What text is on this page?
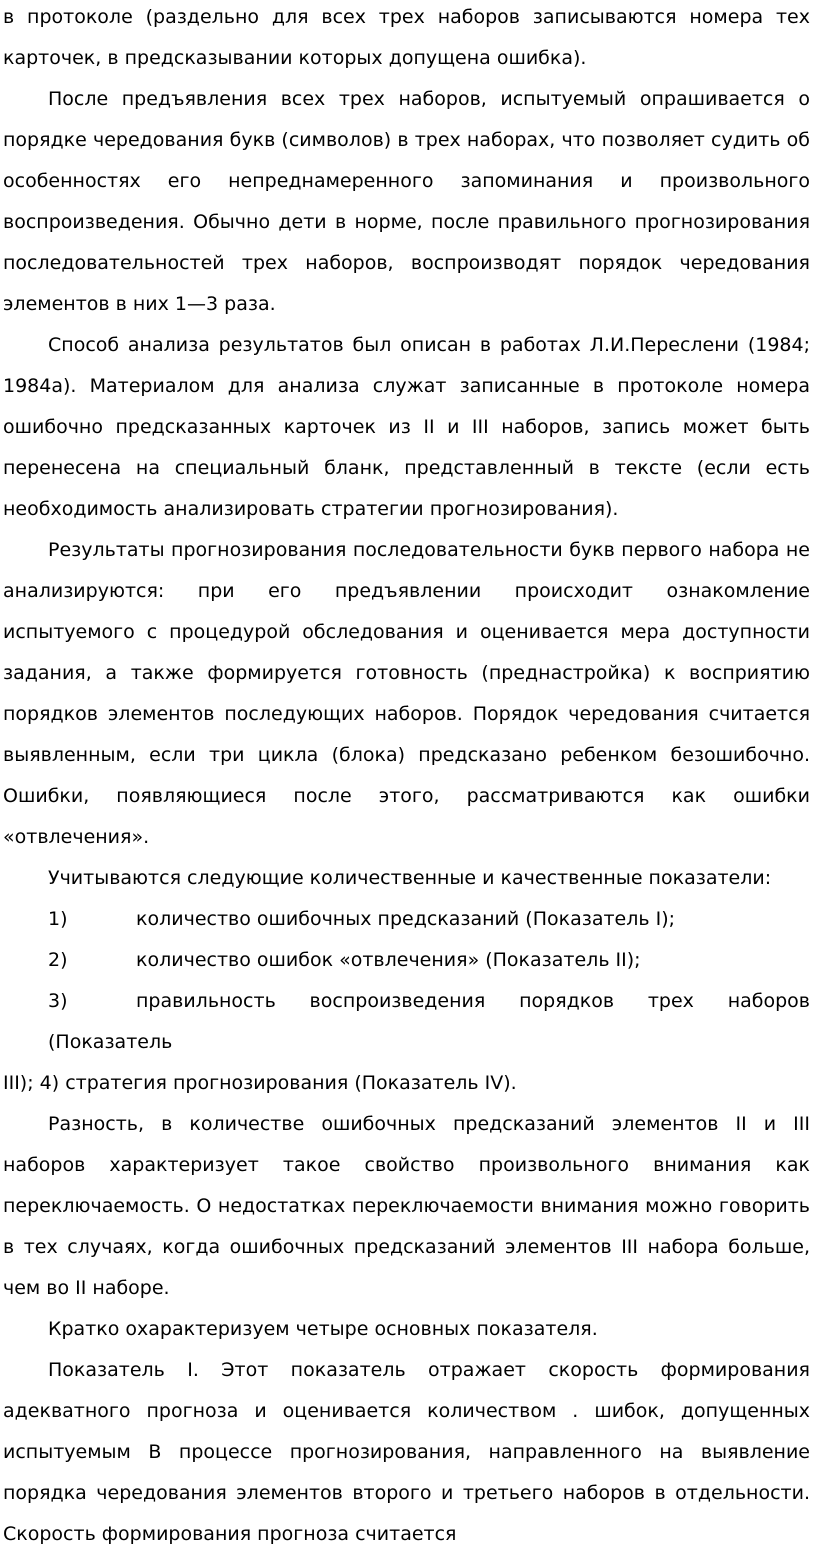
в протоколе (раздельно для всех трех наборов записываются номера тех карточек, в предсказывании которых допущена ошибка).

После предъявления всех трех наборов, испытуемый опрашивается о порядке чередования букв (символов) в трех наборах, что позволяет судить об особенностях его непреднамеренного запоминания и произвольного воспроизведения. Обычно дети в норме, после правильного прогнозирования последовательностей трех наборов, воспроизводят порядок чередования элементов в них 1—3 раза.

Способ анализа результатов был описан в работах Л.И.Переслени (1984; 1984а). Материалом для анализа служат записанные в протоколе номера ошибочно предсказанных карточек из II и III наборов, запись может быть перенесена на специальный бланк, представленный в тексте (если есть необходимость анализировать стратегии прогнозирования).

Результаты прогнозирования последовательности букв первого набора не анализируются: при его предъявлении происходит ознакомление испытуемого с процедурой обследования и оценивается мера доступности задания, а также формируется готовность (преднастройка) к восприятию порядков элементов последующих наборов. Порядок чередования считается выявленным, если три цикла (блока) предсказано ребенком безошибочно. Ошибки, появляющиеся после этого, рассматриваются как ошибки «отвлечения».

Учитываются следующие количественные и качественные показатели:

1)	количество ошибочных предсказаний (Показатель I);
2)	количество ошибок «отвлечения» (Показатель II);
3)	правильность воспроизведения порядков трех наборов (Показатель
III); 4) стратегия прогнозирования (Показатель IV).

Разность, в количестве ошибочных предсказаний элементов II и III наборов характеризует такое свойство произвольного внимания как переключаемость. О недостатках переключаемости внимания можно говорить в тех случаях, когда ошибочных предсказаний элементов III набора больше, чем во II наборе.

Кратко охарактеризуем четыре основных показателя.

Показатель I. Этот показатель отражает скорость формирования адекватного прогноза и оценивается количеством . шибок, допущенных испытуемым В процессе прогнозирования, направленного на выявление порядка чередования элементов второго и третьего наборов в отдельности. Скорость формирования прогноза считается
